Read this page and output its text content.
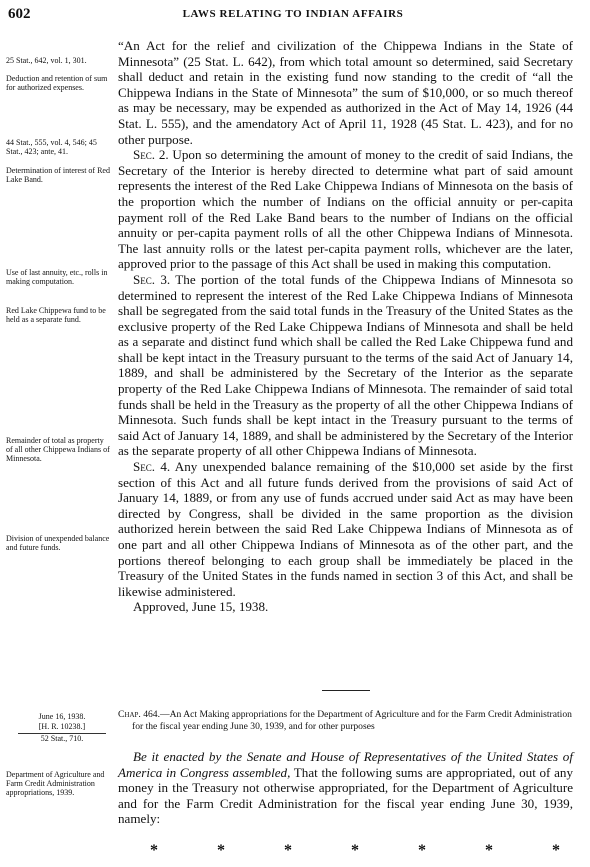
602	LAWS RELATING TO INDIAN AFFAIRS
25 Stat., 642, vol. 1, 301.
Deduction and retention of sum for authorized expenses.
44 Stat., 555, vol. 4, 546; 45 Stat., 423; ante, 41.
Determination of interest of Red Lake Band.
Use of last annuity, etc., rolls in making computation.
Red Lake Chippewa fund to be held as a separate fund.
Remainder of total as property of all other Chippewa Indians of Minnesota.
Division of unexpended balance and future funds.

“An Act for the relief and civilization of the Chippewa Indians in the State of Minnesota” (25 Stat. L. 642), from which total amount so determined, said Secretary shall deduct and retain in the existing fund now standing to the credit of “all the Chippewa Indians in the State of Minnesota” the sum of $10,000, or so much thereof as may be necessary, may be expended as authorized in the Act of May 14, 1926 (44 Stat. L. 555), and the amendatory Act of April 11, 1928 (45 Stat. L. 423), and for no other purpose.

Sec. 2. Upon so determining the amount of money to the credit of said Indians, the Secretary of the Interior is hereby directed to determine what part of said amount represents the interest of the Red Lake Chippewa Indians of Minnesota on the basis of the proportion which the number of Indians on the official annuity or per-capita payment roll of the Red Lake Band bears to the number of Indians on the official annuity or per-capita payment rolls of all the other Chippewa Indians of Minnesota. The last annuity rolls or the latest per-capita payment rolls, whichever are the later, approved prior to the passage of this Act shall be used in making this computation.

Sec. 3. The portion of the total funds of the Chippewa Indians of Minnesota so determined to represent the interest of the Red Lake Chippewa Indians of Minnesota shall be segregated from the said total funds in the Treasury of the United States as the exclusive property of the Red Lake Chippewa Indians of Minnesota and shall be held as a separate and distinct fund which shall be called the Red Lake Chippewa fund and shall be kept intact in the Treasury pursuant to the terms of the said Act of January 14, 1889, and shall be administered by the Secretary of the Interior as the separate property of the Red Lake Chippewa Indians of Minnesota. The remainder of said total funds shall be held in the Treasury as the property of all the other Chippewa Indians of Minnesota. Such funds shall be kept intact in the Treasury pursuant to the terms of said Act of January 14, 1889, and shall be administered by the Secretary of the Interior as the separate property of all other Chippewa Indians of Minnesota.

Sec. 4. Any unexpended balance remaining of the $10,000 set aside by the first section of this Act and all future funds derived from the provisions of said Act of January 14, 1889, or from any use of funds accrued under said Act as may have been directed by Congress, shall be divided in the same proportion as the division authorized herein between the said Red Lake Chippewa Indians of Minnesota as of one part and all other Chippewa Indians of Minnesota as of the other part, and the portions thereof belonging to each group shall be immediately be placed in the Treasury of the United States in the funds named in section 3 of this Act, and shall be likewise administered.

Approved, June 15, 1938.

June 16, 1938.
[H. R. 10238.]
52 Stat., 710.
Chap. 464.—An Act Making appropriations for the Department of Agriculture and for the Farm Credit Administration for the fiscal year ending June 30, 1939, and for other purposes
Department of Agriculture and Farm Credit Administration appropriations, 1939.
Be it enacted by the Senate and House of Representatives of the United States of America in Congress assembled, That the following sums are appropriated, out of any money in the Treasury not otherwise appropriated, for the Department of Agriculture and for the Farm Credit Administration for the fiscal year ending June 30, 1939, namely:
*	*	*	*	*	*	*
